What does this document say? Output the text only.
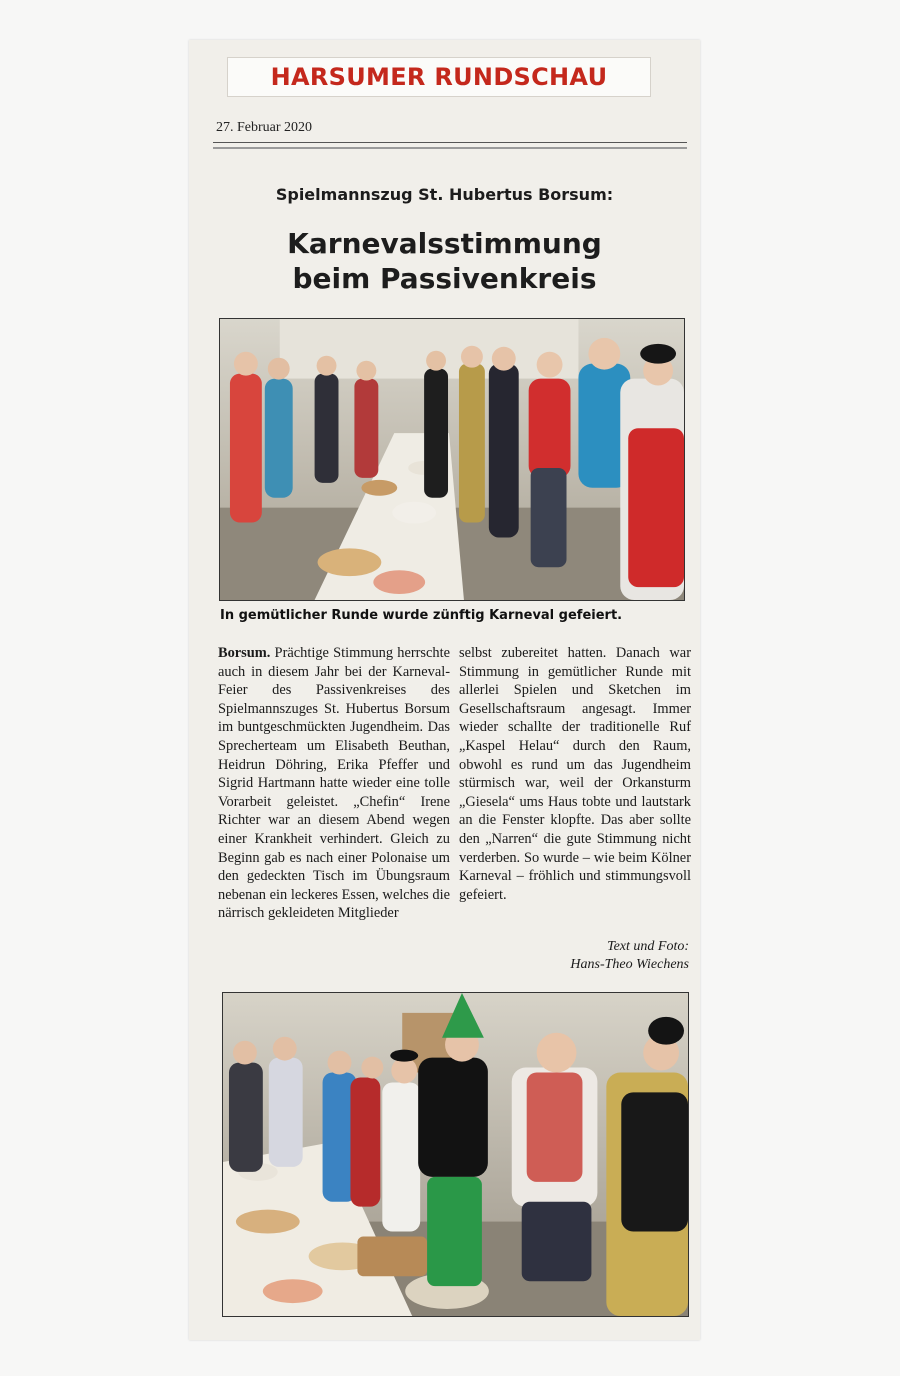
HARSUMER RUNDSCHAU
27. Februar 2020
Spielmannszug St. Hubertus Borsum:
Karnevalsstimmung
beim Passivenkreis
In gemütlicher Runde wurde zünftig Karneval gefeiert.
Borsum. Prächtige Stimmung herrschte auch in diesem Jahr bei der Karneval-Feier des Passivenkreises des Spielmannszuges St. Hubertus Borsum im buntgeschmückten Jugendheim. Das Sprecherteam um Elisabeth Beuthan, Heidrun Döhring, Erika Pfeffer und Sigrid Hartmann hatte wieder eine tolle Vorarbeit geleistet. „Chefin“ Irene Richter war an diesem Abend wegen einer Krankheit verhindert. Gleich zu Beginn gab es nach einer Polonaise um den gedeckten Tisch im Übungsraum nebenan ein leckeres Essen, welches die närrisch gekleideten Mitglieder
selbst zubereitet hatten. Danach war Stimmung in gemütlicher Runde mit allerlei Spielen und Sketchen im Gesellschaftsraum angesagt. Immer wieder schallte der traditionelle Ruf „Kaspel Helau“ durch den Raum, obwohl es rund um das Jugendheim stürmisch war, weil der Orkansturm „Giesela“ ums Haus tobte und lautstark an die Fenster klopfte. Das aber sollte den „Narren“ die gute Stimmung nicht verderben. So wurde – wie beim Kölner Karneval – fröhlich und stimmungsvoll gefeiert.
Text und Foto:
Hans-Theo Wiechens
